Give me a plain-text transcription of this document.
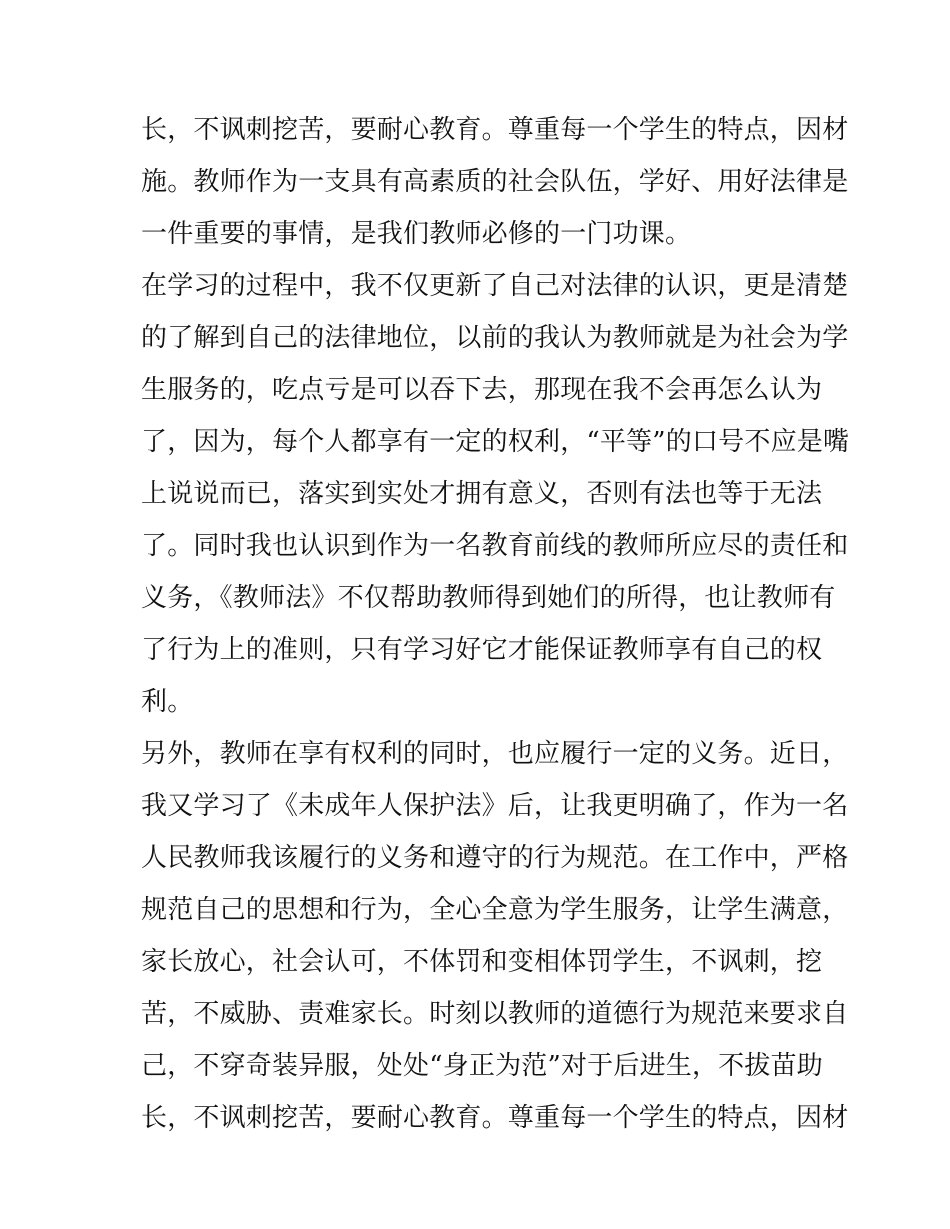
长，不讽刺挖苦，要耐心教育。尊重每一个学生的特点，因材

施。教师作为一支具有高素质的社会队伍，学好、用好法律是

一件重要的事情，是我们教师必修的一门功课。

在学习的过程中，我不仅更新了自己对法律的认识，更是清楚

的了解到自己的法律地位，以前的我认为教师就是为社会为学

生服务的，吃点亏是可以吞下去，那现在我不会再怎么认为

了，因为，每个人都享有一定的权利，“平等”的口号不应是嘴

上说说而已，落实到实处才拥有意义，否则有法也等于无法

了。同时我也认识到作为一名教育前线的教师所应尽的责任和

义务，《教师法》不仅帮助教师得到她们的所得，也让教师有

了行为上的准则，只有学习好它才能保证教师享有自己的权

利。

另外，教师在享有权利的同时，也应履行一定的义务。近日，

我又学习了《未成年人保护法》后，让我更明确了，作为一名

人民教师我该履行的义务和遵守的行为规范。在工作中，严格

规范自己的思想和行为，全心全意为学生服务，让学生满意，

家长放心，社会认可，不体罚和变相体罚学生，不讽刺，挖

苦，不威胁、责难家长。时刻以教师的道德行为规范来要求自

己，不穿奇装异服，处处“身正为范”对于后进生，不拔苗助

长，不讽刺挖苦，要耐心教育。尊重每一个学生的特点，因材
